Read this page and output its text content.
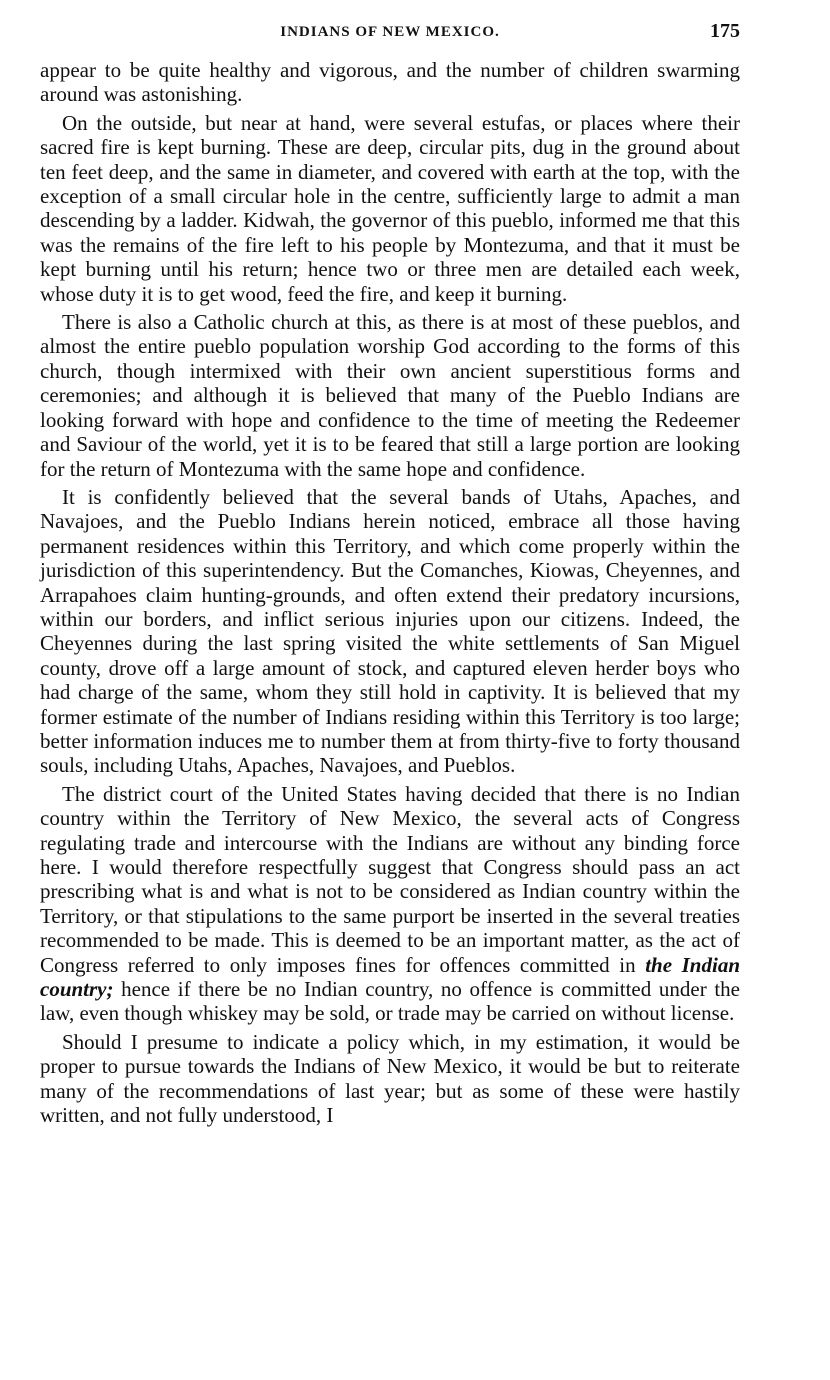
INDIANS OF NEW MEXICO.	175

appear to be quite healthy and vigorous, and the number of children swarming around was astonishing.

On the outside, but near at hand, were several estufas, or places where their sacred fire is kept burning. These are deep, circular pits, dug in the ground about ten feet deep, and the same in diameter, and covered with earth at the top, with the exception of a small circular hole in the centre, sufficiently large to admit a man descending by a ladder. Kidwah, the governor of this pueblo, informed me that this was the remains of the fire left to his people by Montezuma, and that it must be kept burning until his return; hence two or three men are detailed each week, whose duty it is to get wood, feed the fire, and keep it burning.

There is also a Catholic church at this, as there is at most of these pueblos, and almost the entire pueblo population worship God according to the forms of this church, though intermixed with their own ancient superstitious forms and ceremonies; and although it is believed that many of the Pueblo Indians are looking forward with hope and confidence to the time of meeting the Redeemer and Saviour of the world, yet it is to be feared that still a large portion are looking for the return of Montezuma with the same hope and confidence.

It is confidently believed that the several bands of Utahs, Apaches, and Navajoes, and the Pueblo Indians herein noticed, embrace all those having permanent residences within this Territory, and which come properly within the jurisdiction of this superintendency. But the Comanches, Kiowas, Cheyennes, and Arrapahoes claim hunting-grounds, and often extend their predatory incursions, within our borders, and inflict serious injuries upon our citizens. Indeed, the Cheyennes during the last spring visited the white settlements of San Miguel county, drove off a large amount of stock, and captured eleven herder boys who had charge of the same, whom they still hold in captivity. It is believed that my former estimate of the number of Indians residing within this Territory is too large; better information induces me to number them at from thirty-five to forty thousand souls, including Utahs, Apaches, Navajoes, and Pueblos.

The district court of the United States having decided that there is no Indian country within the Territory of New Mexico, the several acts of Congress regulating trade and intercourse with the Indians are without any binding force here. I would therefore respectfully suggest that Congress should pass an act prescribing what is and what is not to be considered as Indian country within the Territory, or that stipulations to the same purport be inserted in the several treaties recommended to be made. This is deemed to be an important matter, as the act of Congress referred to only imposes fines for offences committed in the Indian country; hence if there be no Indian country, no offence is committed under the law, even though whiskey may be sold, or trade may be carried on without license.

Should I presume to indicate a policy which, in my estimation, it would be proper to pursue towards the Indians of New Mexico, it would be but to reiterate many of the recommendations of last year; but as some of these were hastily written, and not fully understood, I
